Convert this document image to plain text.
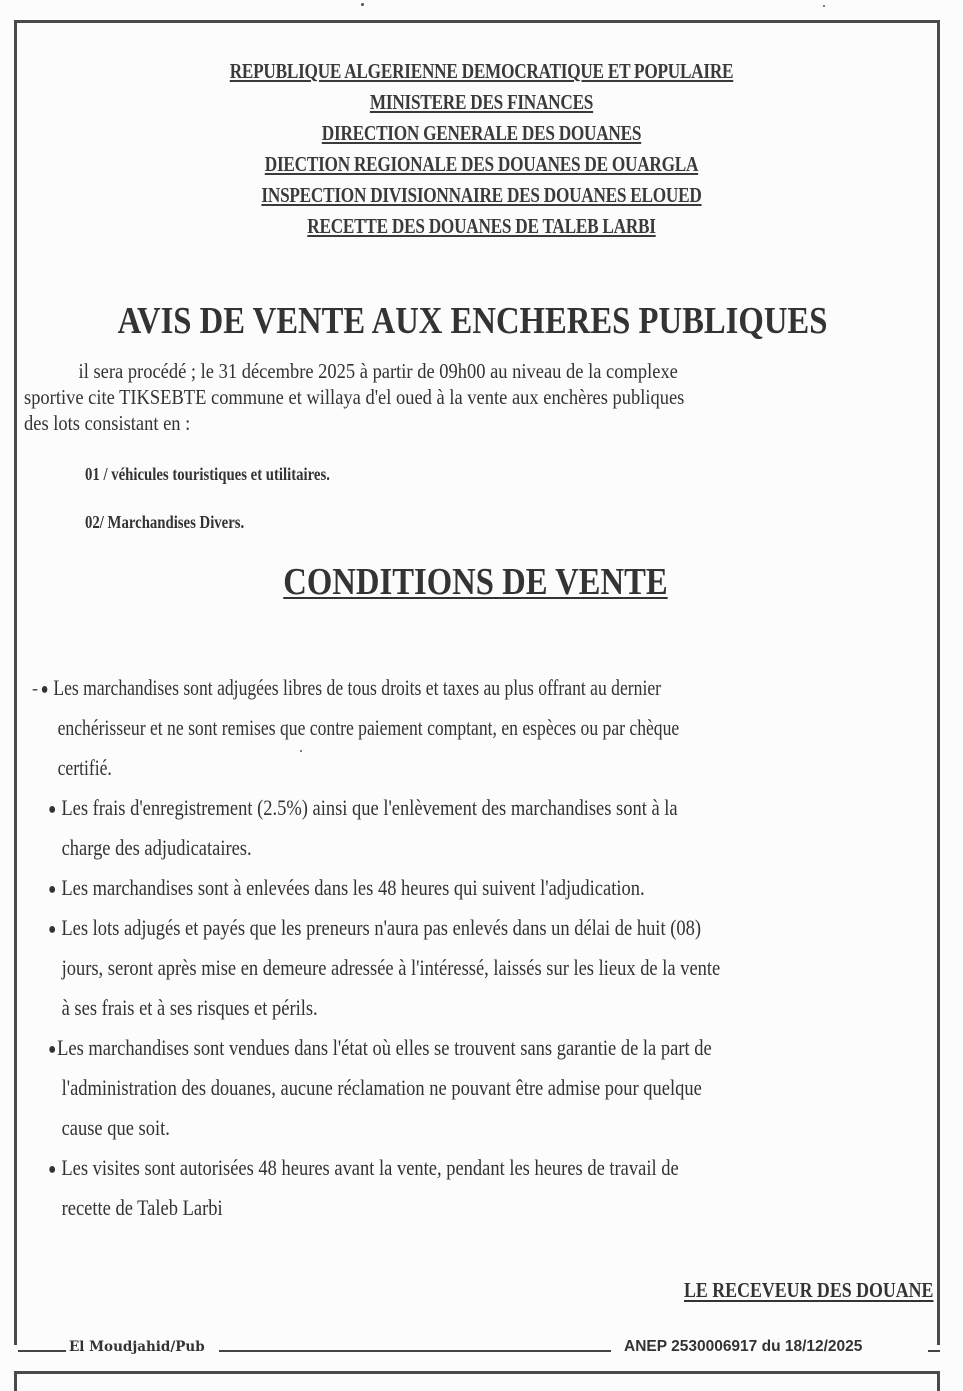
REPUBLIQUE ALGERIENNE DEMOCRATIQUE ET POPULAIRE
MINISTERE DES FINANCES
DIRECTION GENERALE DES DOUANES
DIECTION REGIONALE DES DOUANES DE OUARGLA
INSPECTION DIVISIONNAIRE DES DOUANES ELOUED
RECETTE DES DOUANES DE TALEB LARBI
AVIS DE VENTE AUX ENCHERES PUBLIQUES
il sera procédé ; le 31 décembre 2025 à partir de 09h00 au niveau de la complexe
sportive cite TIKSEBTE commune et willaya d'el oued à la vente aux enchères publiques
des lots consistant en :
01 / véhicules touristiques et utilitaires.
02/ Marchandises Divers.
CONDITIONS DE VENTE
- ● Les marchandises sont adjugées libres de tous droits et taxes au plus offrant au dernier
enchérisseur et ne sont remises que contre paiement comptant, en espèces ou par chèque
certifié.
● Les frais d'enregistrement (2.5%) ainsi que l'enlèvement des marchandises sont à la
charge des adjudicataires.
● Les marchandises sont à enlevées dans les 48 heures qui suivent l'adjudication.
● Les lots adjugés et payés que les preneurs n'aura pas enlevés dans un délai de huit (08)
jours, seront après mise en demeure adressée à l'intéressé, laissés sur les lieux de la vente
à ses frais et à ses risques et périls.
●Les marchandises sont vendues dans l'état où elles se trouvent sans garantie de la part de
l'administration des douanes, aucune réclamation ne pouvant être admise pour quelque
cause que soit.
● Les visites sont autorisées 48 heures avant la vente, pendant les heures de travail de
recette de Taleb Larbi
LE RECEVEUR DES DOUANE
El Moudjahid/Pub	ANEP 2530006917 du 18/12/2025
